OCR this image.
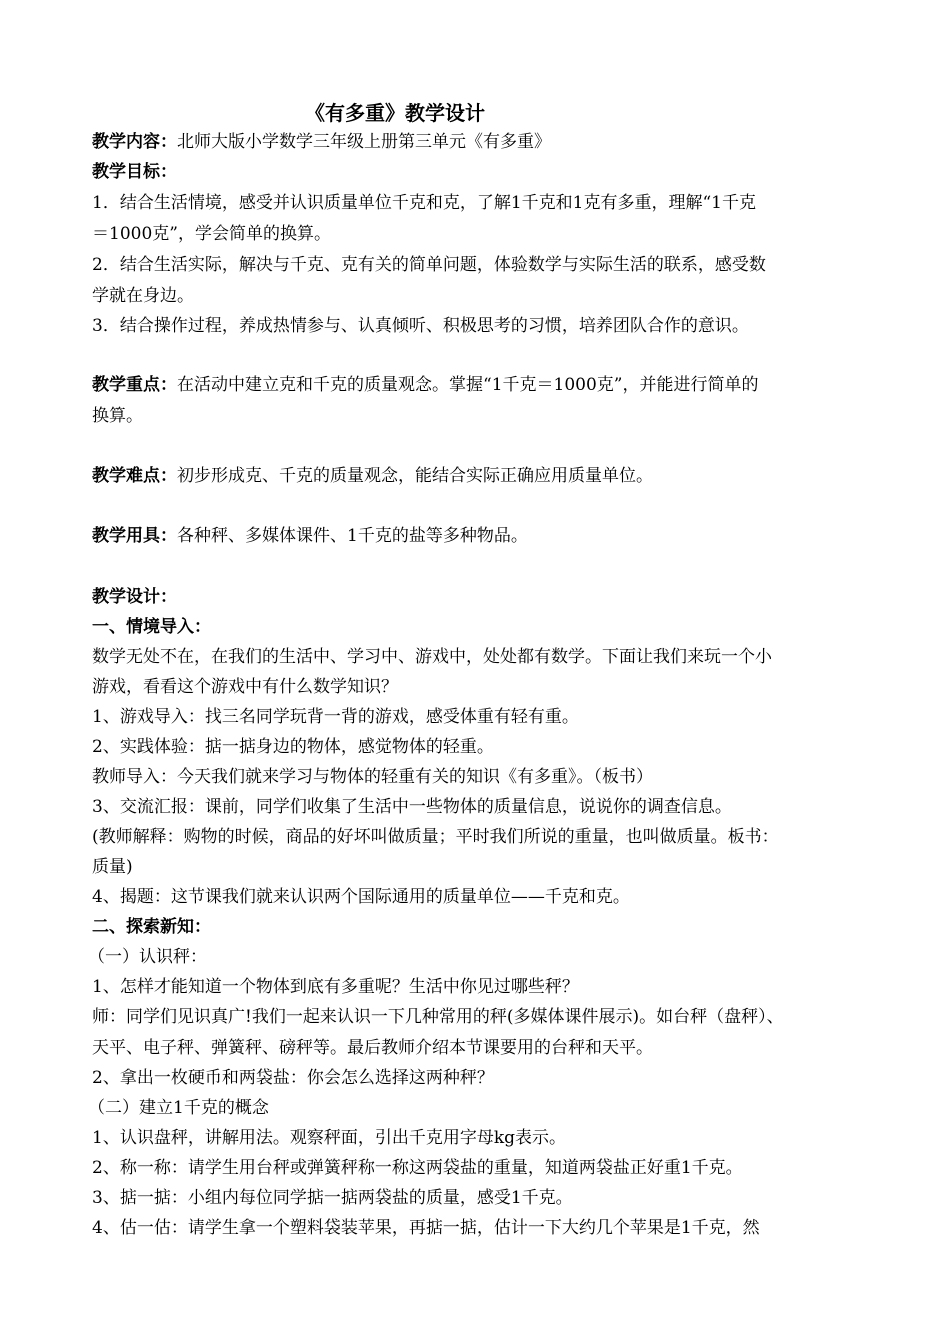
《有多重》教学设计
教学内容：北师大版小学数学三年级上册第三单元《有多重》
教学目标：
1．结合生活情境，感受并认识质量单位千克和克，了解1千克和1克有多重，理解“1千克
＝1000克”，学会简单的换算。
2．结合生活实际，解决与千克、克有关的简单问题，体验数学与实际生活的联系，感受数
学就在身边。
3．结合操作过程，养成热情参与、认真倾听、积极思考的习惯，培养团队合作的意识。
教学重点：在活动中建立克和千克的质量观念。掌握“1千克＝1000克”，并能进行简单的
换算。
教学难点：初步形成克、千克的质量观念，能结合实际正确应用质量单位。
教学用具：各种秤、多媒体课件、1千克的盐等多种物品。
教学设计：
一、情境导入：
数学无处不在，在我们的生活中、学习中、游戏中，处处都有数学。下面让我们来玩一个小
游戏，看看这个游戏中有什么数学知识？
1、游戏导入：找三名同学玩背一背的游戏，感受体重有轻有重。
2、实践体验：掂一掂身边的物体，感觉物体的轻重。
教师导入：今天我们就来学习与物体的轻重有关的知识《有多重》。（板书）
3、交流汇报：课前，同学们收集了生活中一些物体的质量信息，说说你的调查信息。
(教师解释：购物的时候，商品的好坏叫做质量；平时我们所说的重量，也叫做质量。板书：
质量)
4、揭题：这节课我们就来认识两个国际通用的质量单位——千克和克。
二、探索新知：
（一）认识秤：
1、怎样才能知道一个物体到底有多重呢？生活中你见过哪些秤？
师：同学们见识真广!我们一起来认识一下几种常用的秤(多媒体课件展示)。如台秤（盘秤）、
天平、电子秤、弹簧秤、磅秤等。最后教师介绍本节课要用的台秤和天平。
2、拿出一枚硬币和两袋盐：你会怎么选择这两种秤？
（二）建立1千克的概念
1、认识盘秤，讲解用法。观察秤面，引出千克用字母kg表示。
2、称一称：请学生用台秤或弹簧秤称一称这两袋盐的重量，知道两袋盐正好重1千克。
3、掂一掂：小组内每位同学掂一掂两袋盐的质量，感受1千克。
4、估一估：请学生拿一个塑料袋装苹果，再掂一掂，估计一下大约几个苹果是1千克，然
